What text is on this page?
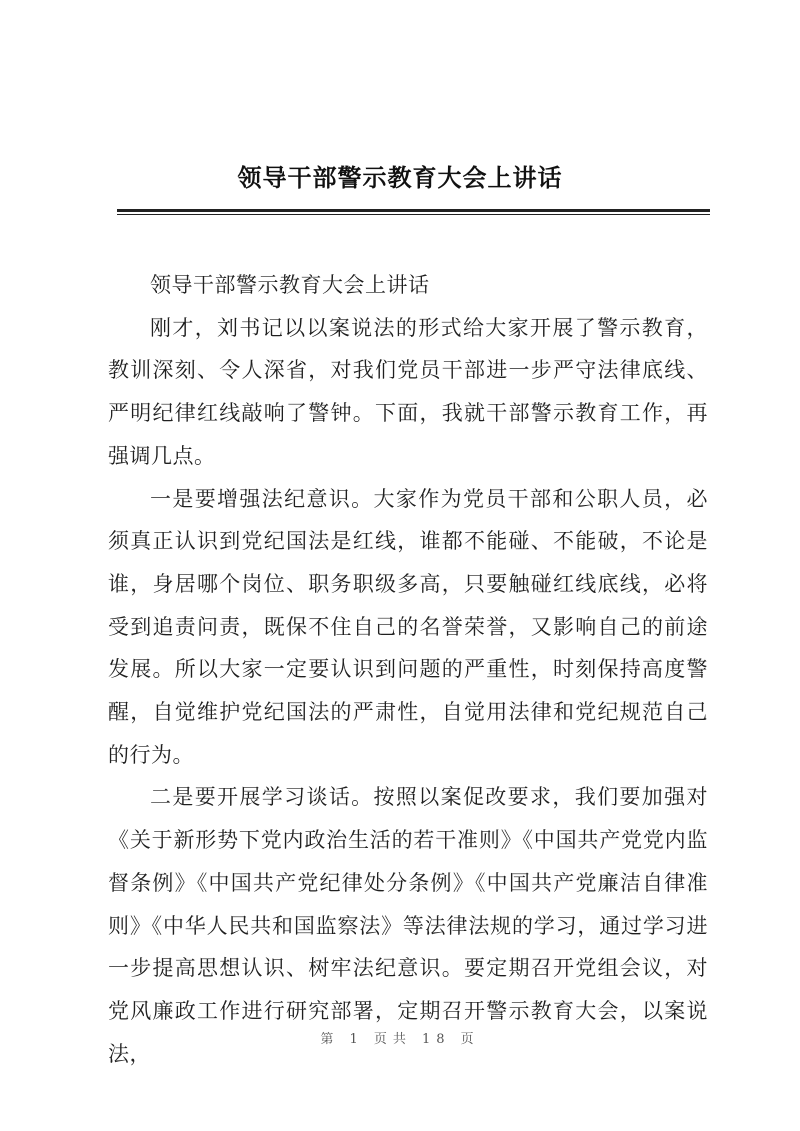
领导干部警示教育大会上讲话

领导干部警示教育大会上讲话

刚才，刘书记以以案说法的形式给大家开展了警示教育，教训深刻、令人深省，对我们党员干部进一步严守法律底线、严明纪律红线敲响了警钟。下面，我就干部警示教育工作，再强调几点。

一是要增强法纪意识。大家作为党员干部和公职人员，必须真正认识到党纪国法是红线，谁都不能碰、不能破，不论是谁，身居哪个岗位、职务职级多高，只要触碰红线底线，必将受到追责问责，既保不住自己的名誉荣誉，又影响自己的前途发展。所以大家一定要认识到问题的严重性，时刻保持高度警醒，自觉维护党纪国法的严肃性，自觉用法律和党纪规范自己的行为。

二是要开展学习谈话。按照以案促改要求，我们要加强对《关于新形势下党内政治生活的若干准则》《中国共产党党内监督条例》《中国共产党纪律处分条例》《中国共产党廉洁自律准则》《中华人民共和国监察法》等法律法规的学习，通过学习进一步提高思想认识、树牢法纪意识。要定期召开党组会议，对党风廉政工作进行研究部署，定期召开警示教育大会，以案说法，

第 1 页共 18 页
